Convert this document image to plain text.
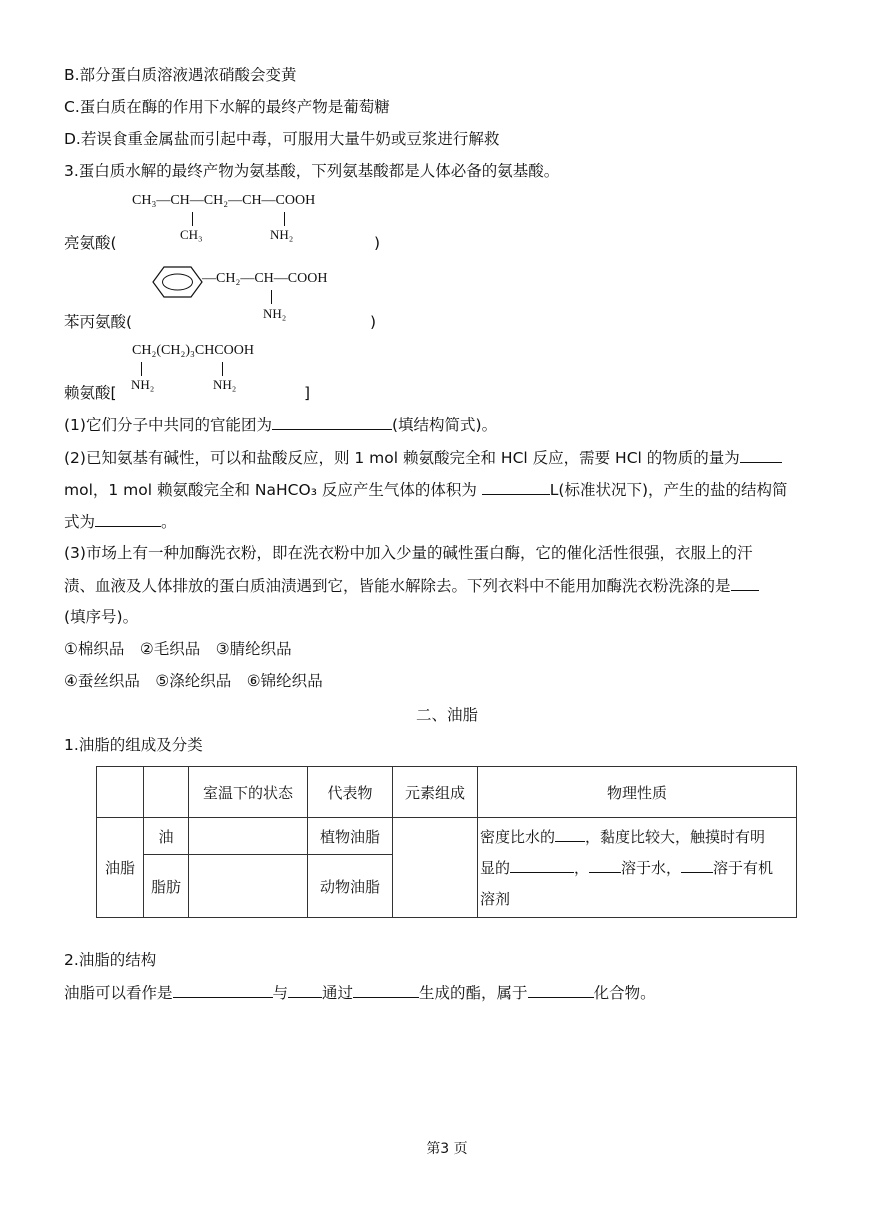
B.部分蛋白质溶液遇浓硝酸会变黄
C.蛋白质在酶的作用下水解的最终产物是葡萄糖
D.若误食重金属盐而引起中毒，可服用大量牛奶或豆浆进行解救
3.蛋白质水解的最终产物为氨基酸，下列氨基酸都是人体必备的氨基酸。
CH₃—CH—CH₂—CH—COOH
CH₃	NH₂
亮氨酸(	)
—CH₂—CH—COOH
NH₂
苯丙氨酸(	)
CH₂(CH₂)₃CHCOOH
NH₂	NH₂
赖氨酸[	]
(1)它们分子中共同的官能团为	(填结构简式)。
(2)已知氨基有碱性，可以和盐酸反应，则 1 mol 赖氨酸完全和 HCl 反应，需要 HCl 的物质的量为
mol，1 mol 赖氨酸完全和 NaHCO₃ 反应产生气体的体积为	L(标准状况下)，产生的盐的结构简
式为	。
(3)市场上有一种加酶洗衣粉，即在洗衣粉中加入少量的碱性蛋白酶，它的催化活性很强，衣服上的汗
渍、血液及人体排放的蛋白质油渍遇到它，皆能水解除去。下列衣料中不能用加酶洗衣粉洗涤的是
(填序号)。
①棉织品　②毛织品　③腈纶织品
④蚕丝织品　⑤涤纶织品　⑥锦纶织品
二、油脂
1.油脂的组成及分类
		室温下的状态	代表物	元素组成	物理性质
油脂	油		植物油脂		密度比水的 ，黏度比较大，触摸时有明
显的 ， 溶于水， 溶于有机
溶剂

	脂肪		动物油脂		
2.油脂的结构
油脂可以看作是	与 通过	生成的酯，属于	化合物。
第3 页
